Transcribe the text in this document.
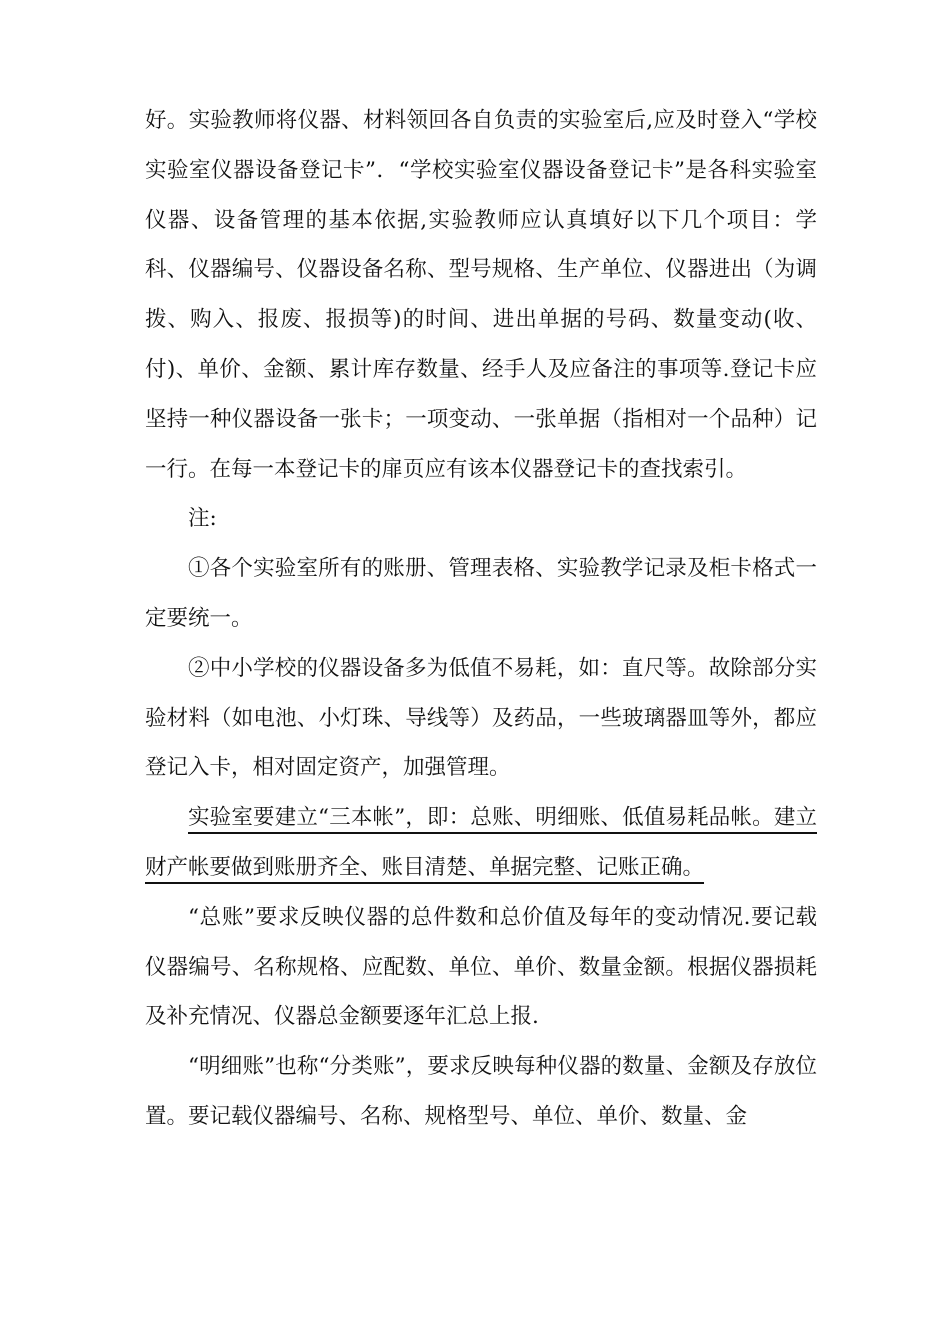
好。实验教师将仪器、材料领回各自负责的实验室后,应及时登入“学校实验室仪器设备登记卡”．“学校实验室仪器设备登记卡”是各科实验室仪器、设备管理的基本依据,实验教师应认真填好以下几个项目：学科、仪器编号、仪器设备名称、型号规格、生产单位、仪器进出（为调拨、购入、报废、报损等)的时间、进出单据的号码、数量变动(收、付)、单价、金额、累计库存数量、经手人及应备注的事项等.登记卡应坚持一种仪器设备一张卡；一项变动、一张单据（指相对一个品种）记一行。在每一本登记卡的扉页应有该本仪器登记卡的查找索引。

注:

①各个实验室所有的账册、管理表格、实验教学记录及柜卡格式一定要统一。

②中小学校的仪器设备多为低值不易耗，如：直尺等。故除部分实验材料（如电池、小灯珠、导线等）及药品，一些玻璃器皿等外，都应登记入卡，相对固定资产，加强管理。

实验室要建立“三本帐”，即：总账、明细账、低值易耗品帐。建立财产帐要做到账册齐全、账目清楚、单据完整、记账正确。

“总账”要求反映仪器的总件数和总价值及每年的变动情况.要记载仪器编号、名称规格、应配数、单位、单价、数量金额。根据仪器损耗及补充情况、仪器总金额要逐年汇总上报.

“明细账”也称“分类账”，要求反映每种仪器的数量、金额及存放位置。要记载仪器编号、名称、规格型号、单位、单价、数量、金
